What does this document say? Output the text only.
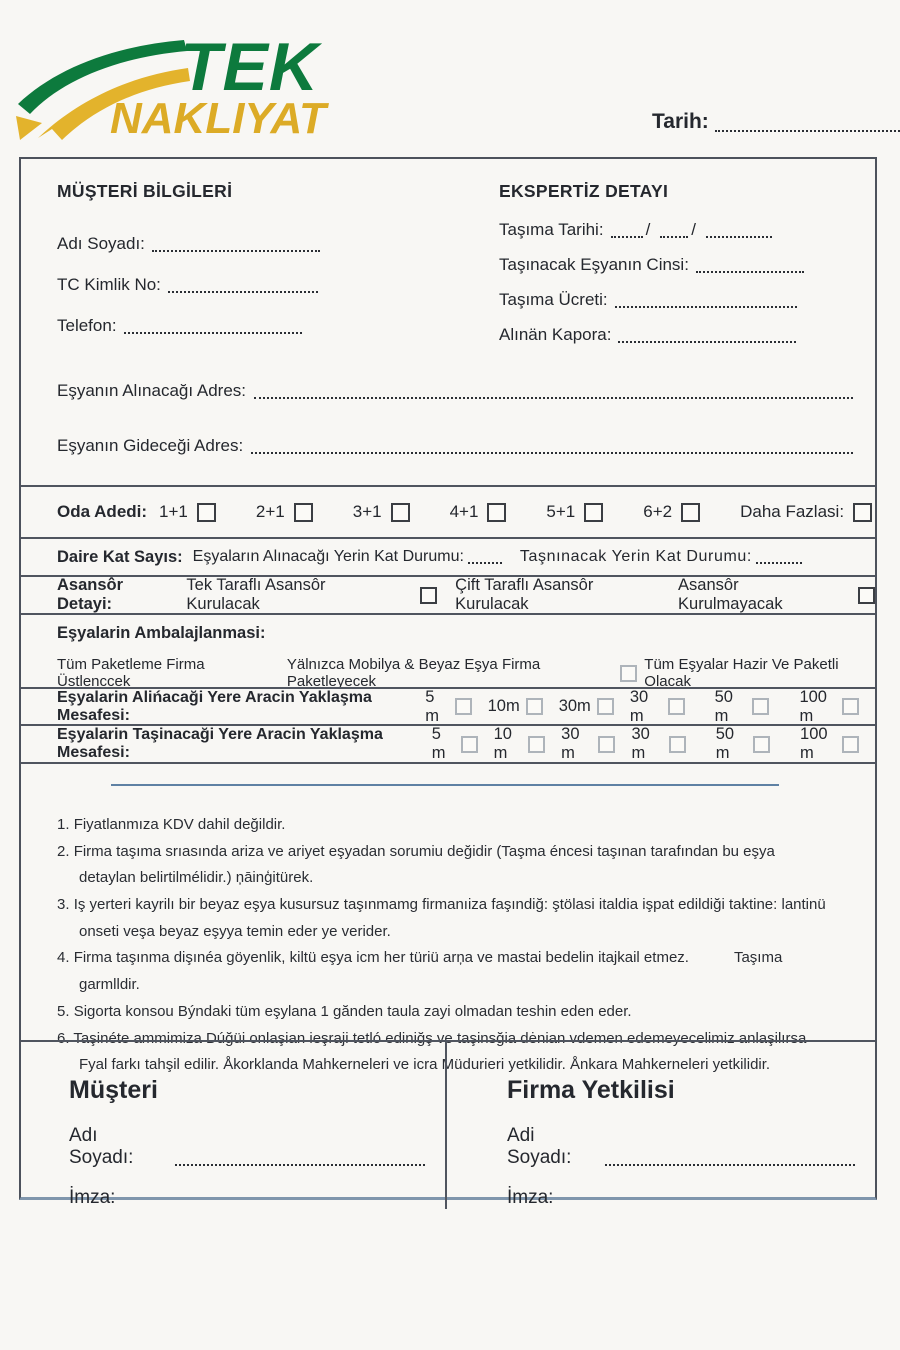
TEK
NAKLIYAT	Tarih:
MÜŞTERİ BİLGİLERİ
Adı Soyadı:
TC Kimlik No:
Telefon:
EKSPERTİZ DETAYI
Taşıma Tarihi: / /
Taşınacak Eşyanın Cinsi:
Taşıma Ücreti:
Alınän Kapora:
Eşyanın Alınacağı Adres:
Eşyanın Gideceği Adres:
Oda Adedi: 1+1	2+1	3+1	4+1	5+1	6+2	Daha Fazlasi:
Daire Kat Sayıs: Eşyaların Alınacağı Yerin Kat Durumu:	Taşnınacak Yerin Kat Durumu:
Asansôr Detayi:
Tek Taraflı Asansôr Kurulacak
Çift Taraflı Asansôr Kurulacak
Asansôr Kurulmayacak
Eşyalarin Ambalajlanmasi:
Tüm Paketleme Firma Üstlenccek
Yälnızca Mobilya & Beyaz Eşya Firma Paketleyecek
Tüm Eşyalar Hazir Ve Paketli Olacak
Eşyalarin Alińacaği Yere Aracin Yaklaşma Mesafesi:
5 m
10m 30m
30 m
50 m
100 m
Eşyalarin Taşinacaği Yere Aracin Yaklaşma Mesafesi:
5 m
10 m
30 m
30 m
50 m
100 m
1. Fiyatlanmıza KDV dahil değildir.
2. Firma taşıma srıasında ariza ve ariyet eşyadan sorumiu değidir (Taşma éncesi taşınan tarafından bu eşya detaylan belirtilmélidir.) ņāinģitürek.
3. Iş yerteri kayrilı bir beyaz eşya kusursuz taşınmamg firmanıiza faşındiğ: ştölasi italdia işpat edildiği taktine: lantinü onseti veşa beyaz eşyya temin eder ye verider.
4. Firma taşınma dişınéa göyenlik, kiltü eşya icm her türiü arņa ve mastai bedelin itajkail etmez.   Taşıma garmlldir.
5. Sigorta konsou Býndaki tüm eşylana 1 gănden taula zayi olmadan teshin eden eder.
6. Taşinéte ammimiza Dúğüi onlaşian ieşraji tetló ediniğş ve taşinsğia dėnian vdemen edemeyecelimiz anlaşilırsa Fyal farkı tahşil edilir. Åkorklanda Mahkerneleri ve icra Müdurieri yetkilidir. Ånkara Mahkerneleri yetkilidir.
Müşteri
Adı Soyadı:
İmza:
Firma Yetkilisi
Adi Soyadı:
İmza:
